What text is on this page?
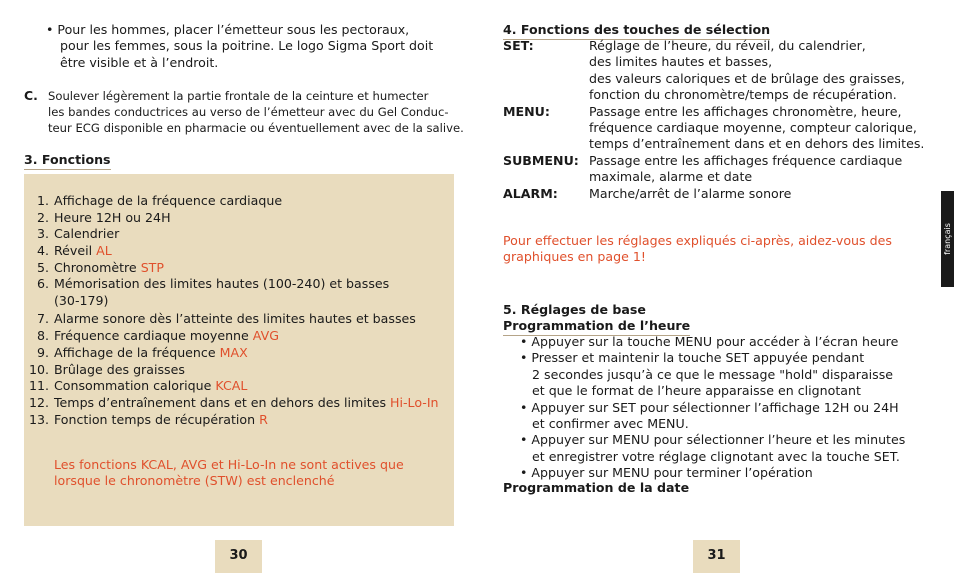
• Pour les hommes, placer l’émetteur sous les pectoraux,
pour les femmes, sous la poitrine. Le logo Sigma Sport doit
être visible et à l’endroit.
C. Soulever légèrement la partie frontale de la ceinture et humecter
les bandes conductrices au verso de l’émetteur avec du Gel Conduc-
teur ECG disponible en pharmacie ou éventuellement avec de la salive.
3. Fonctions
1. Affichage de la fréquence cardiaque
2. Heure 12H ou 24H
3. Calendrier
4. Réveil AL
5. Chronomètre STP
6. Mémorisation des limites hautes (100-240) et basses
(30-179)
7. Alarme sonore dès l’atteinte des limites hautes et basses
8. Fréquence cardiaque moyenne AVG
9. Affichage de la fréquence MAX
10. Brûlage des graisses
11. Consommation calorique KCAL
12. Temps d’entraînement dans et en dehors des limites Hi-Lo-In
13. Fonction temps de récupération R
Les fonctions KCAL, AVG et Hi-Lo-In ne sont actives que
lorsque le chronomètre (STW) est enclenché
30
4. Fonctions des touches de sélection
SET:	Réglage de l’heure, du réveil, du calendrier,
des limites hautes et basses,
des valeurs caloriques et de brûlage des graisses,
fonction du chronomètre/temps de récupération.
MENU:	Passage entre les affichages chronomètre, heure,
fréquence cardiaque moyenne, compteur calorique,
temps d’entraînement dans et en dehors des limites.
SUBMENU: Passage entre les affichages fréquence cardiaque
maximale, alarme et date
ALARM: Marche/arrêt de l’alarme sonore
Pour effectuer les réglages expliqués ci-après, aidez-vous des
graphiques en page 1!
5. Réglages de base
Programmation de l’heure
• Appuyer sur la touche MENU pour accéder à l’écran heure
• Presser et maintenir la touche SET appuyée pendant
2 secondes jusqu’à ce que le message "hold" disparaisse
et que le format de l’heure apparaisse en clignotant
• Appuyer sur SET pour sélectionner l’affichage 12H ou 24H
et confirmer avec MENU.
• Appuyer sur MENU pour sélectionner l’heure et les minutes
et enregistrer votre réglage clignotant avec la touche SET.
• Appuyer sur MENU pour terminer l’opération
Programmation de la date
31
français
